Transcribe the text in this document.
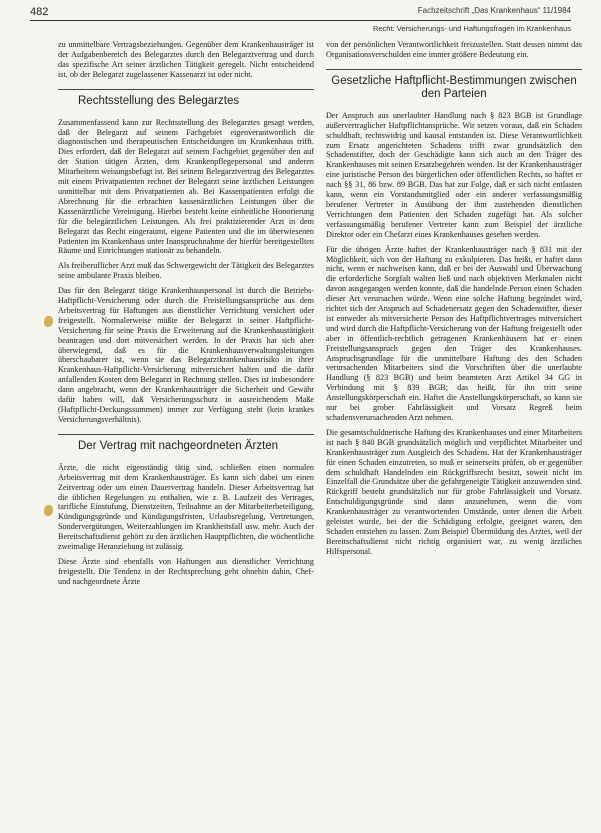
482	Fachzeitschrift „Das Krankenhaus“ 11/1984
Recht: Versicherungs- und Haftungsfragen im Krankenhaus

zu unmittelbare Vertragsbeziehungen. Gegenüber dem Krankenhausträger ist der Aufgabenbereich des Belegarztes durch den Belegarztvertrag und durch das spezifische Art seiner ärztlichen Tätigkeit geregelt. Nicht entscheidend ist, ob der Belegarzt zugelassener Kassenarzt ist oder nicht.

Rechtsstellung des Belegarztes

Zusammenfassend kann zur Rechtsstellung des Belegarztes gesagt werden, daß der Belegarzt auf seinem Fachgebiet eigenverantwortlich die diagnostischen und therapeutischen Entscheidungen im Krankenhaus trifft. Dies erfordert, daß der Belegarzt auf seinem Fachgebiet gegenüber den auf der Station tätigen Ärzten, dem Krankenpflegepersonal und anderen Mitarbeitern weisungsbefugt ist. Bei seinem Belegarztvertrag des Belegarztes mit einem Privatpatienten rechnet der Belegarzt seine ärztlichen Leistungen unmittelbar mit dem Privatpatienten ab. Bei Kassenpatienten erfolgt die Abrechnung für die erbrachten kassenärztlichen Leistungen über die Kassenärztliche Vereinigung. Hierbei besteht keine einheitliche Honorierung für die belegärztlichen Leistungen. Als frei praktizierender Arzt in dem Belegarzt das Recht eingeraumt, eigene Patienten und die im überwiesenen Patienten im Krankenhaus unter Inanspruchnahme der hierfür bereitgestellten Räume und Einrichtungen stationär zu behandeln.

Als freiberuflicher Arzt muß das Schwergewicht der Tätigkeit des Belegarztes seine ambulante Praxis bleiben.

Das für den Belegarzt tätige Krankenhauspersonal ist durch die Betriebs-Haftpflicht-Versicherung oder durch die Freistellungsansprüche aus dem Arbeitsvertrag für Haftungen aus dienstlicher Verrichtung versichert oder freigestellt. Normalerweise müßte der Belegarzt in seiner Haftpflicht-Versicherung für seine Praxis die Erweiterung auf die Krankenhaustätigkeit beantragen und dort mitversichert werden. In der Praxis hat sich aber überwiegend, daß es für die Krankenhausverwaltungsleitungen überschaubarer ist, wenn sie das Belegarztkrankenhausrisiko in ihrer Krankenhaus-Haftpflicht-Versicherung mitversichert halten und die dafür anfallenden Kosten dem Belegarzt in Rechnung stellen. Dies ist insbesondere dann angebracht, wenn der Krankenhausträger die Sicherheit und Gewähr dafür haben will, daß Versicherungsschutz in ausreichendem Maße (Haftpflicht-Deckungssummen) immer zur Verfügung steht (kein krankes Versicherungsverhältnis).

Der Vertrag mit nachgeordneten Ärzten

Ärzte, die nicht eigenständig tätig sind, schließen einen normalen Arbeitsvertrag mit dem Krankenhausträger. Es kann sich dabei um einen Zeitvertrag oder um einen Dauervertrag handeln. Dieser Arbeitsvertrag hat die üblichen Regelungen zu enthalten, wie z. B. Laufzeit des Vertrages, tarifliche Einstufung, Dienstzeiten, Teilnahme an der Mitarbeiterbeteiligung, Kündigungsgründe und Kündigungsfristen, Urlaubsregelung, Vertretungen, Sondervergütungen, Weiterzahlungen im Krankheitsfall usw. mehr. Auch der Bereitschaftsdienst gehört zu den ärztlichen Hauptpflichten, die wöchentliche zweimalige Heranziehung ist zulässig.

Diese Ärzte sind ebenfalls von Haftungen aus dienstlicher Verrichtung freigestellt. Die Tendenz in der Rechtsprechung geht ohnehin dahin, Chef- und nachgeordnete Ärzte

von der persönlichen Verantwortlichkeit freizustellen. Statt dessen nimmt das Organisationsverschulden eine immer größere Bedeutung ein.

Gesetzliche Haftpflicht-Bestimmungen zwischen den Parteien

Der Anspruch aus unerlaubter Handlung nach § 823 BGB ist Grundlage außervertraglicher Haftpflichtansprüche. Wir setzen voraus, daß ein Schaden schuldhaft, rechtswidrig und kausal entstanden ist. Diese Verantwortlichkeit zum Ersatz angerichteten Schadens trifft zwar grundsätzlich den Schadenstifter, doch der Geschädigte kann sich auch an den Träger des Krankenhauses mit seinen Ersatzbegehren wenden. Ist der Krankenhausträger eine juristische Person des bürgerlichen oder öffentlichen Rechts, so haftet er nach §§ 31, 86 bzw. 89 BGB. Das hat zur Folge, daß er sich nicht entlasten kann, wenn ein Vorstandsmitglied oder ein anderer verfassungsmäßig berufener Vertreter in Ausübung der ihm zustehenden dienstlichen Verrichtungen dem Patienten den Schaden zugefügt hat. Als solcher verfassungsmäßig berufener Vertreter kann zum Beispiel der ärztliche Direktor oder ein Chefarzt eines Krankenhauses gesehen werden.

Für die übrigen Ärzte haftet der Krankenhausträger nach § 831 mit der Möglichkeit, sich von der Haftung zu exkulpieren. Das heißt, er haftet dann nicht, wenn er nachweisen kann, daß er bei der Auswahl und Überwachung die erforderliche Sorgfalt walten ließ und nach objektiven Merkmalen nicht davon ausgegangen werden konnte, daß die handelnde Person einen Schaden dieser Art verursachen würde. Wenn eine solche Haftung begründet wird, richtet sich der Anspruch auf Schadenersatz gegen den Schadenstifter, dieser ist entweder als mitversicherte Person des Haftpflichtvertrages mitversichert und wird durch die Haftpflicht-Versicherung von der Haftung freigestellt oder aber in öffentlich-rechtlich getragenen Krankenhäusern hat er einen Freistellungsanspruch gegen den Träger des Krankenhauses. Anspruchsgrundlage für die unmittelbare Haftung des den Schaden verursachenden Mitarbeiters sind die Vorschriften über die unerlaubte Handlung (§ 823 BGB) und beim beamteten Arzt Artikel 34 GG in Verbindung mit § 839 BGB; das heißt, für ihn tritt seine Anstellungskörperschaft ein. Haftet die Anstellungskörperschaft, so kann sie nur bei grober Fahrlässigkeit und Vorsatz Regreß beim schadensverursachenden Arzt nehmen.

Die gesamtschuldnerische Haftung des Krankenhauses und einer Mitarbeiters ist nach § 840 BGB grundsätzlich möglich und verpflichtet Mitarbeiter und Krankenhausträger zum Ausgleich des Schadens. Hat der Krankenhausträger für einen Schaden einzutreten, so muß er seinerseits prüfen, ob er gegenüber dem schuldhaft Handelnden ein Rückgriffsrecht besitzt, soweit nicht im Einzelfall die Grundsätze über die gefahrgeneigte Tätigkeit anzuwenden sind. Rückgriff besteht grundsätzlich nur für grobe Fahrlässigkeit und Vorsatz. Entschuldigungsgründe sind dann anzunehmen, wenn die vom Krankenhausträger zu verantwortenden Umstände, unter denen die Arbeit geleistet wurde, bei der die Schädigung erfolgte, geeignet waren, den Schaden entstehen zu lassen. Zum Beispiel Übermüdung des Arztes, weil der Bereitschaftsdienst nicht richtig organisiert war, zu wenig ärztliches Hilfspersonal.
